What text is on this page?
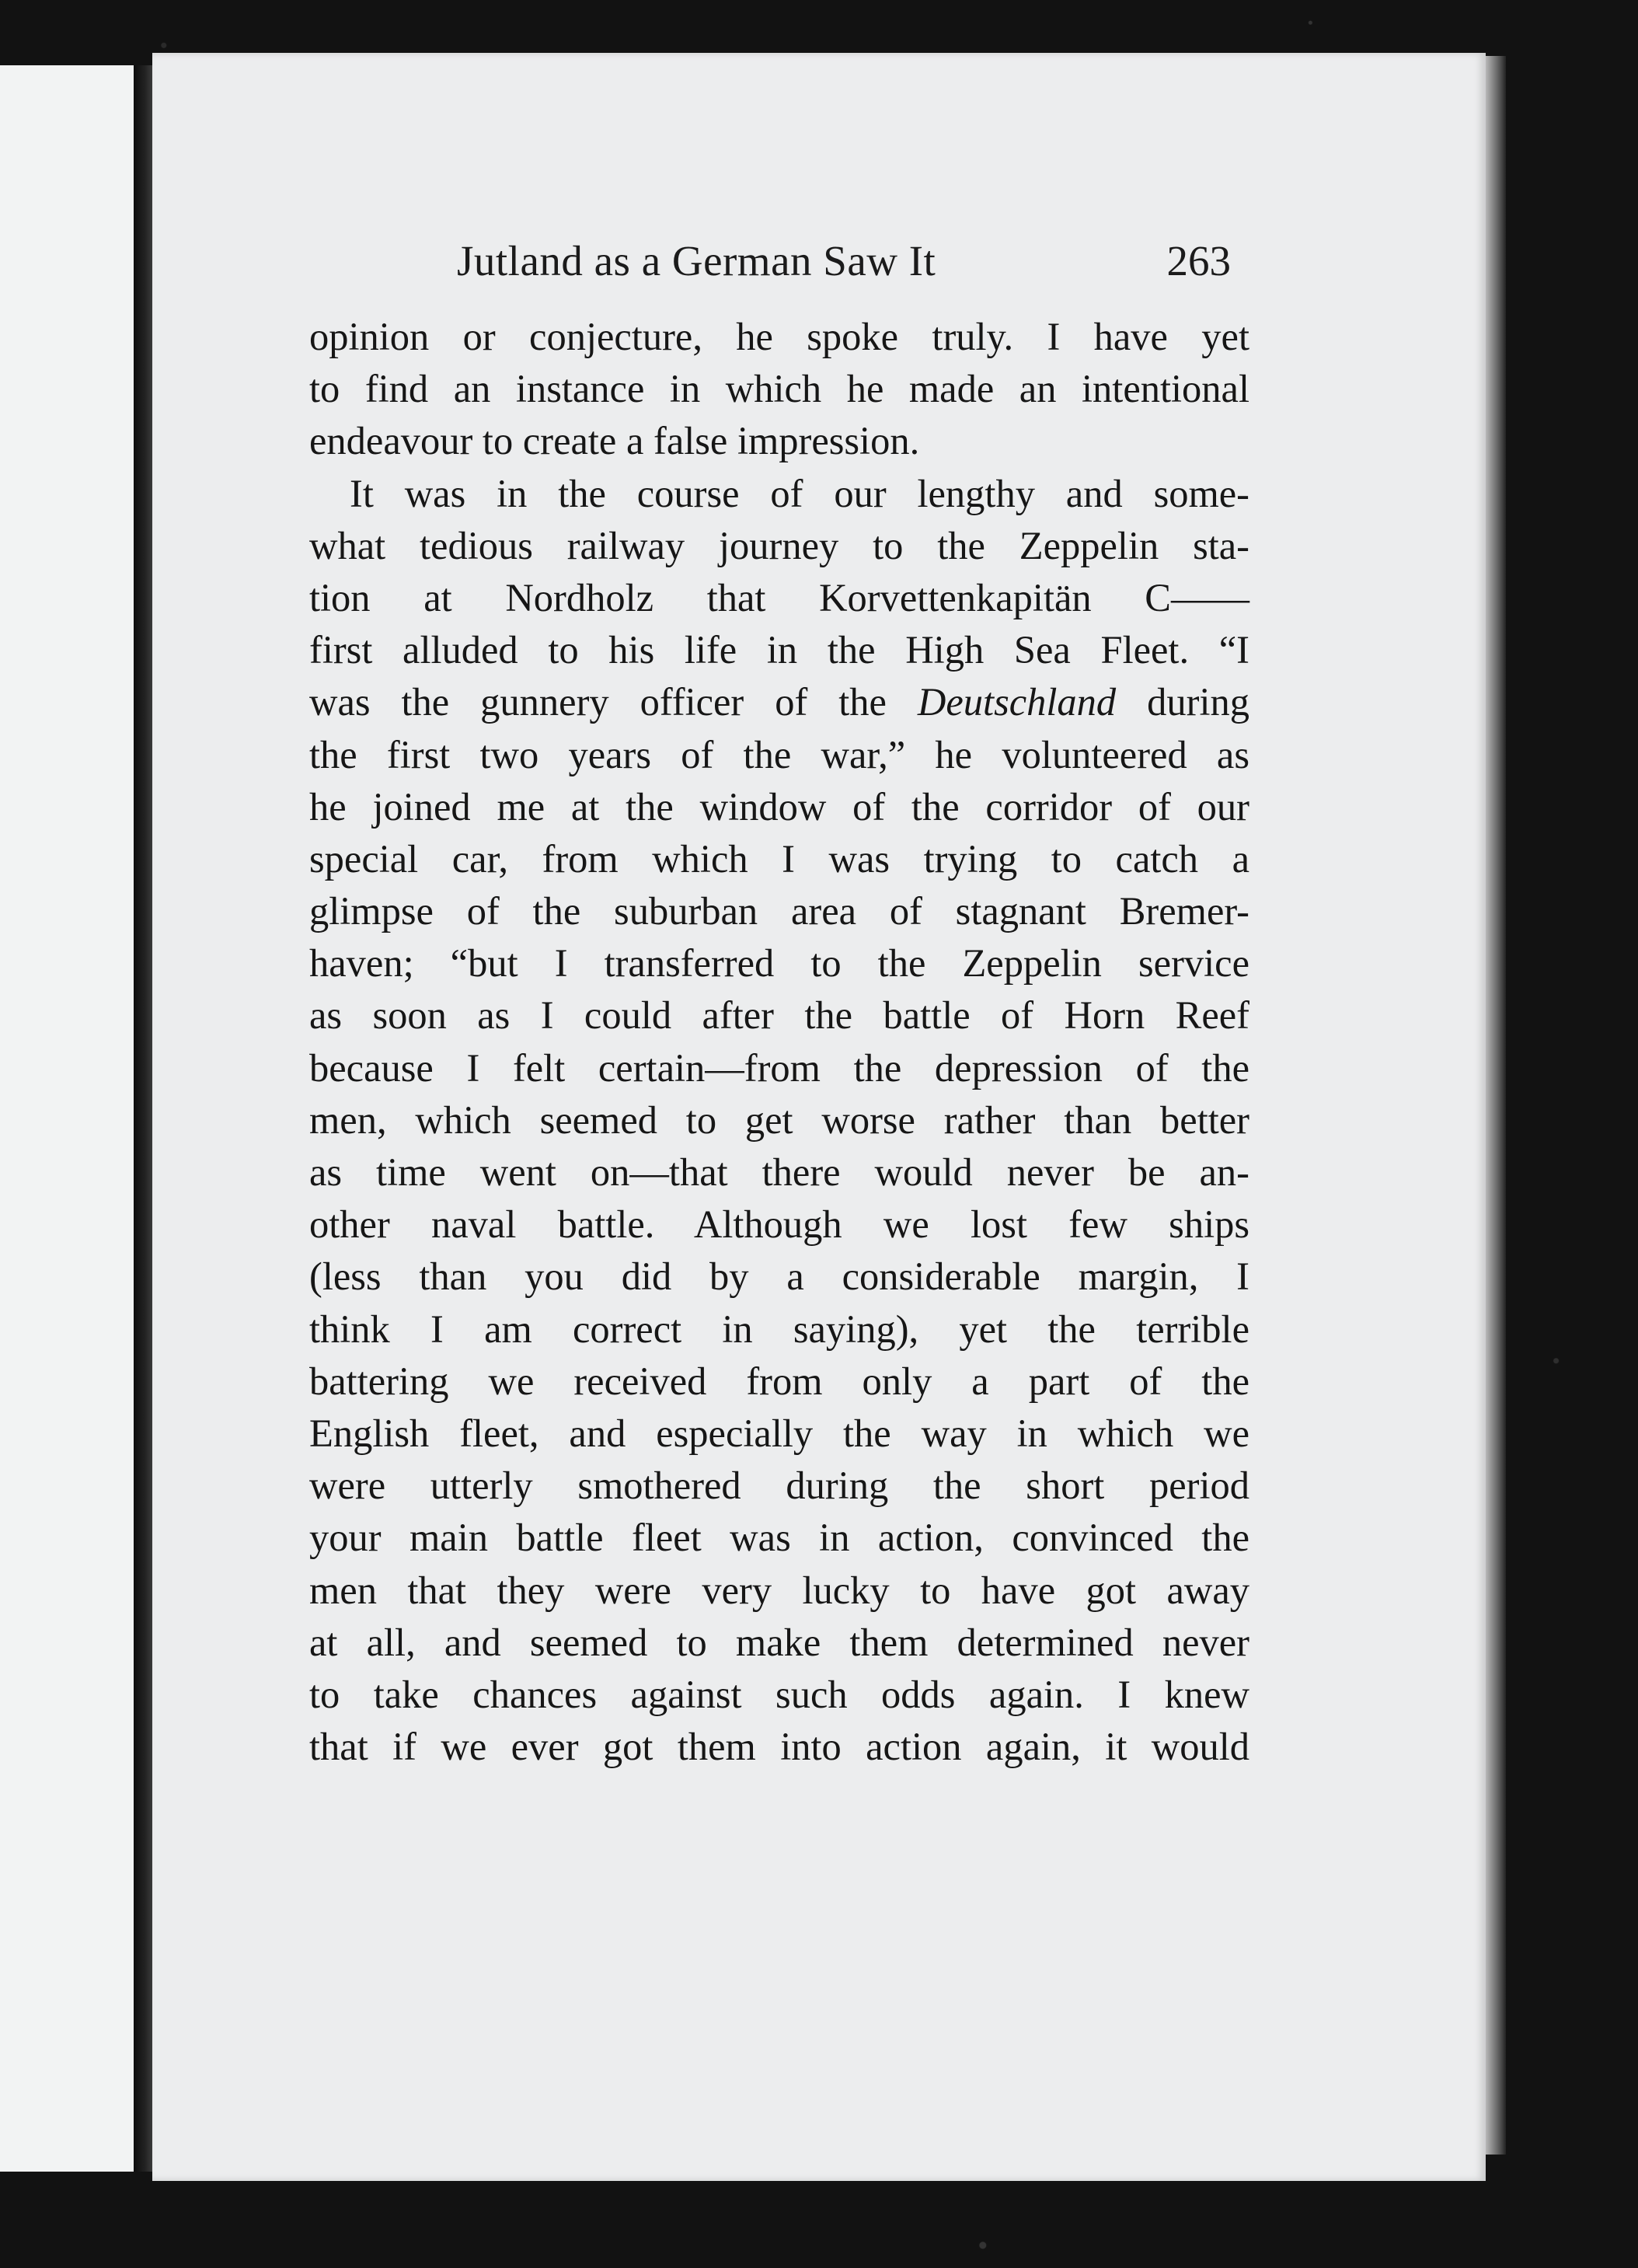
Jutland as a German Saw It	263
opinion or conjecture, he spoke truly. I have yet
to find an instance in which he made an intentional
endeavour to create a false impression.
It was in the course of our lengthy and some-
what tedious railway journey to the Zeppelin sta-
tion at Nordholz that Korvettenkapitän C——
first alluded to his life in the High Sea Fleet. “I
was the gunnery officer of the Deutschland during
the first two years of the war,” he volunteered as
he joined me at the window of the corridor of our
special car, from which I was trying to catch a
glimpse of the suburban area of stagnant Bremer-
haven; “but I transferred to the Zeppelin service
as soon as I could after the battle of Horn Reef
because I felt certain—from the depression of the
men, which seemed to get worse rather than better
as time went on—that there would never be an-
other naval battle. Although we lost few ships
(less than you did by a considerable margin, I
think I am correct in saying), yet the terrible
battering we received from only a part of the
English fleet, and especially the way in which we
were utterly smothered during the short period
your main battle fleet was in action, convinced the
men that they were very lucky to have got away
at all, and seemed to make them determined never
to take chances against such odds again. I knew
that if we ever got them into action again, it would
